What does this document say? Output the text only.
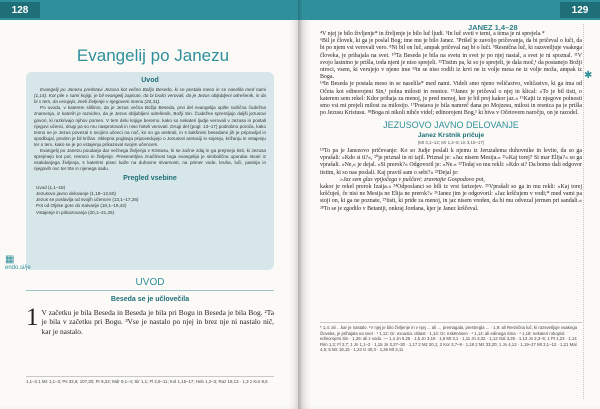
128
Evangelij po Janezu
Uvod

Evangelij po Janezu predstavi Jezusa kot večno Božjo Besedo, ki se postala meso in se naselila med nami (1,14). Kot pile v sami knjigi, je bil evangelij zapisan, da bi bralci verovali, da je Jezus obljubljeni odrešenik, in da bi s tem, da verujejo, imeli življenje v njegovem imenu (20,31).

Po uvodu, v katerem slišimo, da je Jezus večna Božja Beseda, prvi del evangelija opiše različna čudežna znamenja, iz katerih je razvidno, da je Jezus obljubljeni odrešenik, Božji Sin. Čudežne spremljajo daljši jezusovi govori, ki razkrivajo njihov pomen. V tem delu knjige beremo, kako so nekateri ljudje verovali v Jezusa in postali njegovi učenci, drugi pa so mu nasprotovali in niso hoteli verovati. Drugi del (pogl. 13–17) podrobno poroča, kako tesno se je Jezus povezal s svojimi učenci na noč, ko so ga aretirali, in s kakšnimi besedami jih je pripravljal in spodbujal, preden je bil križan. Sklepna poglavja pripovedujejo o Jezusovi aretaciji in sojenju, križanju in vstajenju ter o tem, kako se je po vstajenju prikazoval svojim učencem.

Evangelij po Janezu poudarja dar večnega življenja v Kristusu, ki se začne zdaj in ga prejmejo tisti, ki Jezusa sprejmejo kot pot, resnico in življenje. Presenetljiva značilnost tega evangelija je simbolična uporaba stvari iz vsakdanjega življenja, s katerimi pisec kaže na duhovne stvarnosti, na primer vode, kruha, luči, pastirja in njegovih ovc ter trte in njenega sadu.

Pregled vsebine
Uvod (1,1–18)
Jezusovo javno delovanje (1,19–12,50)
Jezus se poslavlja od svojih učencev (13,1–17,26)
Pot od Oljske gore do Kalvarije (18,1–19,42)
Vstajenje in prikazovanja (20,1–21,25)
▦
endo.si/je
UVOD
Beseda se je učlovečila
1 V začetku je bila Beseda in Beseda je bila pri Bogu in Beseda je bila Bog. ²Ta je bila v začetku pri Bogu. ³Vse je nastalo po njej in brez nje ni nastalo nič, kar je nastalo.
1,1–3 1 Mz 1,1–3; Ps 33,6; 107,20; Pr 8,22; Mdr 9,1–4; Sir 1,1; Fl 2,6–11; Kol 1,15–17; Heb 1,2–3; Raz 19,13 · 1,3 1 Kor 8,6
129
JANEZ 1,4–28
✱

⁴V njej je bilo življenje* in življenje je bilo luč ljudi. ⁵In luč sveti v temi, a tema je ni sprejela.*

⁶Bil je človek, ki ga je poslal Bog; ime mu je bilo Janez. ⁷Prišel je zavoljo pričevanja, da bi pričeval o luči, da bi po njem vsi verovali vero. ⁸Ni bil on luč, ampak pričeval naj bi o luči. ⁹Resnična luč, ki razsvetljuje vsakega človeka, je prihajala na svet. ¹⁰Ta Beseda je bila na svetu in svet je po njej nastal, a svet je ni spoznal. ¹¹V svojo lastnino je prišla, toda njeni je niso sprejeli. ¹²Tistim pa, ki so jo sprejeli, je dala moč,¹ da postanejo Božji otroci, vsem, ki verujejo v njeno ime ¹³in se niso rodili iz krvi ne iz volje mesa ne iz volje moža, ampak iz Boga.

¹⁴In Beseda je postala meso in se naselila* med nami. Videli smo njeno veličastvo, veličastvo, ki ga ima od Očeta kot edinorojeni Sin,¹ polna milosti in resnice. ¹⁵Janez je pričeval o njej in klical: »To je bil tisti, o katerem sem rekel: Kdor prihaja za menoj, je pred menoj, ker je bil prej kakor jaz.« ¹⁶Kajti iz njegove polnosti smo vsi mi prejeli milost za milostjo. ¹⁷Postava je bila namreč dana po Mojzesu, milost in resnica pa je prišla po Jezusu Kristusu. ¹⁸Boga ni nikoli nihče videl; edinorojeni Bog,¹ ki biva v Očetovem naročju, on je razodel.

JEZUSOVO JAVNO DELOVANJE
Janez Krstnik pričuje
(Mt 3,1–12; Mr 1,2–8; Lk 3,15–17)

¹⁹To pa je Janezovo pričevanje: Ko so Judje poslali k njemu iz Jeruzalema duhovnike in levite, da so ga vprašali: »Kdo si ti?«, ²⁰je priznal in ni tajil. Priznal je: »Jaz nisem Mesija.« ²¹»Kaj torej? Si mar Elija?« so ga vprašali. »Ne,« je dejal. »Si prerok?« Odgovoril je: »Ne.« ²²Tedaj so mu rekli: »Kdo si? Da bomo dali odgovor tistim, ki so nas poslali. Kaj praviš sam o sebi?« ²³Dejal je:

»Jaz sem glas vpijočega v puščavi: zravnajte Gospodovo pot,

kakor je rekel prerok Izaija.« ²⁴Odposlanci so bili iz vrst farizejev. ²⁵Vprašali so ga in mu rekli: »Kaj torej krščuješ, če nisi ne Mesija ne Elija ne prerok?« ²⁶Janez jim je odgovoril: »Jaz krščujem v vodi;* med vami pa stoji on, ki ga ne poznate, ²⁷tisti, ki pride za menoj, in jaz nisem vreden, da bi mu odvezal jermen pri sandali.« ²⁸To se je zgodilo v Betaniji, onkraj Jordana, kjer je Janez krščeval.

* 1,4: ali …kar je nastalo. ¹V njej je bilo življenje in v njej ... ali … premagala, prestregla ... · 1,9: ali Resnična luč, ki razsvetljuje vsakega človeka, je prihajala na svet · ¹ 1,12: Gr. exousia: oblast · 1,14: Gr. eskēnōsen · ¹ 1,14: ali edinega Sina · ¹ 1,18: nekateri rokopisi: edinorojeni Sin · 1,26: ali z vodo. — 1,4 Jn 5,26 · 1,5 Jn 3,19 · 1,6 Mt 3,1 · 1,11 Jn 3,32 · 1,12 Gal 3,26 · 1,13 Jn 3,3–6; 1 Pt 1,23 · 1,14 Rim 1,3; Fl 2,7; 1 Jn 1,1–2 · 1,15 Jn 3,27–30 · 1,17 2 Mz 20,1; 2 Kor 3,7–9 · 1,18 2 Mz 33,20; 1 Jn 4,12 · 1,19–27 Mt 3,1–12 · 1,21 Mal 4,5; 5 Mz 18,15 · 1,23 Iz 40,3 · 1,26 Mt 3,11
